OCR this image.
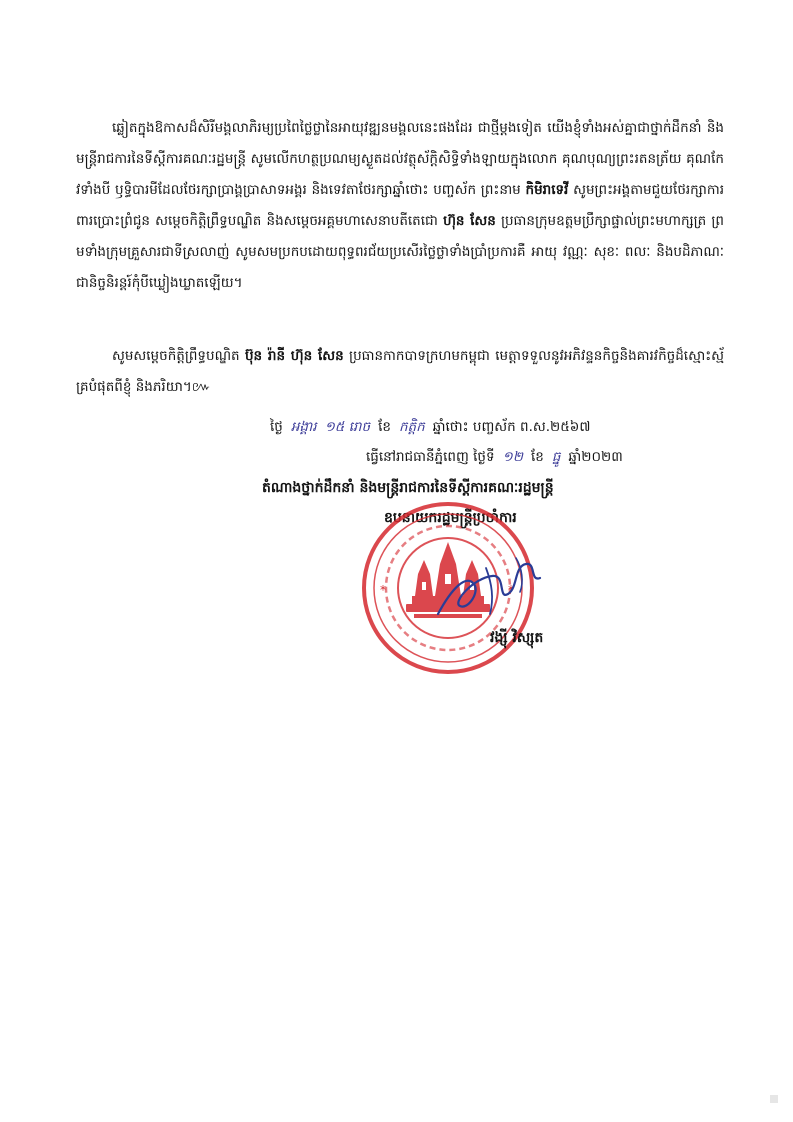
ឆ្លៀតក្នុងឱកាសដ៏សិរីមង្គលាភិរម្យប្រពៃថ្លៃថ្លានៃអាយុវឌ្ឍនមង្គលនេះផងដែរ ជាថ្មីម្តងទៀត យើងខ្ញុំទាំងអស់គ្នាជាថ្នាក់ដឹកនាំ និងមន្ត្រីរាជការនៃទីស្តីការគណៈរដ្ឋមន្ត្រី សូមលើកហត្ថប្រណម្យស្ងួតដល់វត្ថុស័ក្តិសិទ្ធិទាំងឡាយក្នុងលោក គុណបុណ្យព្រះរតនត្រ័យ គុណកែវទាំងបី ឫទ្ធិបារមីដែលថែរក្សាប្រាង្គប្រាសាទអង្គរ និងទេវតាថែរក្សាឆ្នាំថោះ បញ្ចស័ក ព្រះនាម កិមិរាទេវី សូមព្រះអង្គតាមជួយថែរក្សាការពារប្រោះព្រំជូន សម្តេចកិត្តិព្រឹទ្ធបណ្ឌិត និងសម្តេចអគ្គមហាសេនាបតីតេជោ ហ៊ុន សែន ប្រធានក្រុមឧត្តមប្រឹក្សាផ្ទាល់ព្រះមហាក្សត្រ ព្រមទាំងក្រុមគ្រួសារជាទីស្រលាញ់ សូមសមប្រកបដោយពុទ្ធពរជ័យប្រសើរថ្លៃថ្លាទាំងប្រាំប្រការគឺ អាយុ វណ្ណៈ សុខៈ ពលៈ និងបដិភាណៈ ជានិច្ចនិរន្តរ៍កុំបីឃ្លៀងឃ្លាតឡើយ។
សូមសម្តេចកិត្តិព្រឹទ្ធបណ្ឌិត ប៊ុន រ៉ានី ហ៊ុន សែន ប្រធានកាកបាទក្រហមកម្ពុជា មេត្តាទទួលនូវអភិវន្ទនកិច្ចនិងគារវកិច្ចដ៏ស្មោះស្ម័គ្របំផុតពីខ្ញុំ និងភរិយា។៚
ថ្ងៃ អង្គារ ១៥ រោច ខែ កត្តិក ឆ្នាំថោះ បញ្ចស័ក ព.ស.២៥៦៧
ធ្វើនៅរាជធានីភ្នំពេញ ថ្ងៃទី ១២ ខែ ធ្នូ ឆ្នាំ២០២៣
តំណាងថ្នាក់ដឹកនាំ និងមន្ត្រីរាជការនៃទីស្តីការគណៈរដ្ឋមន្ត្រី
ឧបនាយករដ្ឋមន្ត្រីប្រចាំការ
*	*
វង្ស៊ី វិស្សុត
